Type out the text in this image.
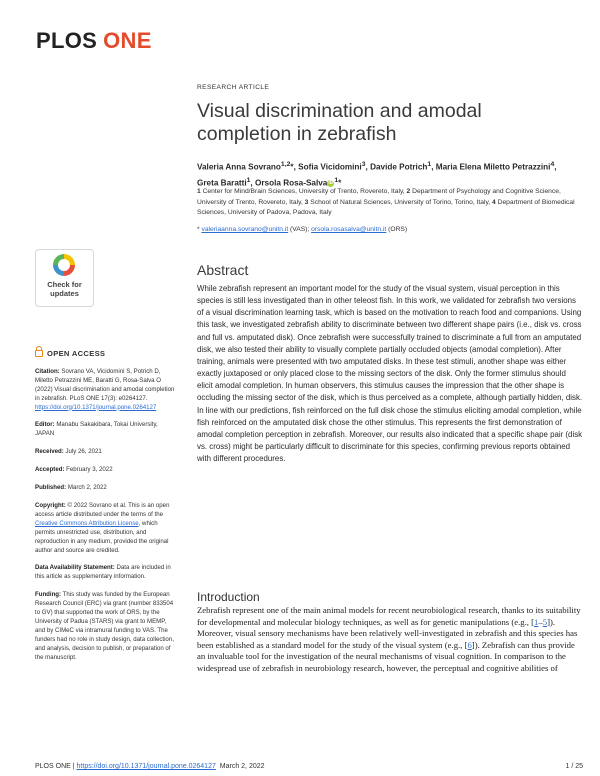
PLOS ONE
RESEARCH ARTICLE
Visual discrimination and amodal completion in zebrafish
Valeria Anna Sovrano$^{1,2}$*, Sofia Vicidomini$^3$, Davide Potrich$^1$, Maria Elena Miletto Petrazzini$^4$, Greta Baratti$^1$, Orsola Rosa-SalvaiD$^1$*
1 Center for Mind/Brain Sciences, University of Trento, Rovereto, Italy, 2 Department of Psychology and Cognitive Science, University of Trento, Rovereto, Italy, 3 School of Natural Sciences, University of Torino, Torino, Italy, 4 Department of Biomedical Sciences, University of Padova, Padova, Italy
* valeriaanna.sovrano@unitn.it (VAS); orsola.rosasalva@unitn.it (ORS)
Check for
updates
Abstract
While zebrafish represent an important model for the study of the visual system, visual perception in this species is still less investigated than in other teleost fish. In this work, we validated for zebrafish two versions of a visual discrimination learning task, which is based on the motivation to reach food and companions. Using this task, we investigated zebrafish ability to discriminate between two different shape pairs (i.e., disk vs. cross and full vs. amputated disk). Once zebrafish were successfully trained to discriminate a full from an amputated disk, we also tested their ability to visually complete partially occluded objects (amodal completion). After training, animals were presented with two amputated disks. In these test stimuli, another shape was either exactly juxtaposed or only placed close to the missing sectors of the disk. Only the former stimulus should elicit amodal completion. In human observers, this stimulus causes the impression that the other shape is occluding the missing sector of the disk, which is thus perceived as a complete, although partially hidden, disk. In line with our predictions, fish reinforced on the full disk chose the stimulus eliciting amodal completion, while fish reinforced on the amputated disk chose the other stimulus. This represents the first demonstration of amodal completion perception in zebrafish. Moreover, our results also indicated that a specific shape pair (disk vs. cross) might be particularly difficult to discriminate for this species, confirming previous reports obtained with different procedures.
OPEN ACCESS
Citation: Sovrano VA, Vicidomini S, Potrich D, Miletto Petrazzini ME, Baratti G, Rosa-Salva O (2022) Visual discrimination and amodal completion in zebrafish. PLoS ONE 17(3): e0264127. https://doi.org/10.1371/journal.pone.0264127
Editor: Manabu Sakakibara, Tokai University, JAPAN
Received: July 26, 2021
Accepted: February 3, 2022
Published: March 2, 2022
Copyright: © 2022 Sovrano et al. This is an open access article distributed under the terms of the Creative Commons Attribution License, which permits unrestricted use, distribution, and reproduction in any medium, provided the original author and source are credited.
Data Availability Statement: Data are included in this article as supplementary information.
Funding: This study was funded by the European Research Council (ERC) via grant (number 833504 to GV) that supported the work of ORS, by the University of Padua (STARS) via grant to MEMP, and by CIMeC via intramural funding to VAS. The funders had no role in study design, data collection, and analysis, decision to publish, or preparation of the manuscript.
Introduction
Zebrafish represent one of the main animal models for recent neurobiological research, thanks to its suitability for developmental and molecular biology techniques, as well as for genetic manipulations (e.g., [1–5]). Moreover, visual sensory mechanisms have been relatively well-investigated in zebrafish and this species has been established as a standard model for the study of the visual system (e.g., [6]). Zebrafish can thus provide an invaluable tool for the investigation of the neural mechanisms of visual cognition. In comparison to the widespread use of zebrafish in neurobiology research, however, the perceptual and cognitive abilities of
PLOS ONE | https://doi.org/10.1371/journal.pone.0264127 March 2, 2022	1 / 25
